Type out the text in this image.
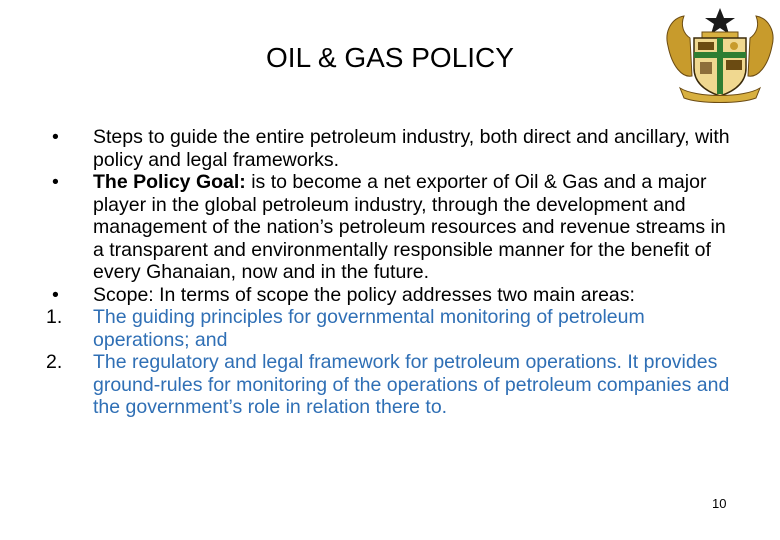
OIL & GAS POLICY
•	Steps to guide the entire petroleum industry, both direct and ancillary, with policy and legal frameworks.
•	The Policy Goal: is to become a net exporter of Oil & Gas and a major player in the global petroleum industry, through the development and management of the nation’s petroleum resources and revenue streams in a transparent and environmentally responsible manner for the benefit of every Ghanaian, now and in the future.
•	Scope: In terms of scope the policy addresses two main areas:
1.	The guiding principles for governmental monitoring of petroleum operations; and
2.	The regulatory and legal framework for petroleum operations. It provides ground-rules for monitoring of the operations of petroleum companies and the government’s role in relation there to.
10
